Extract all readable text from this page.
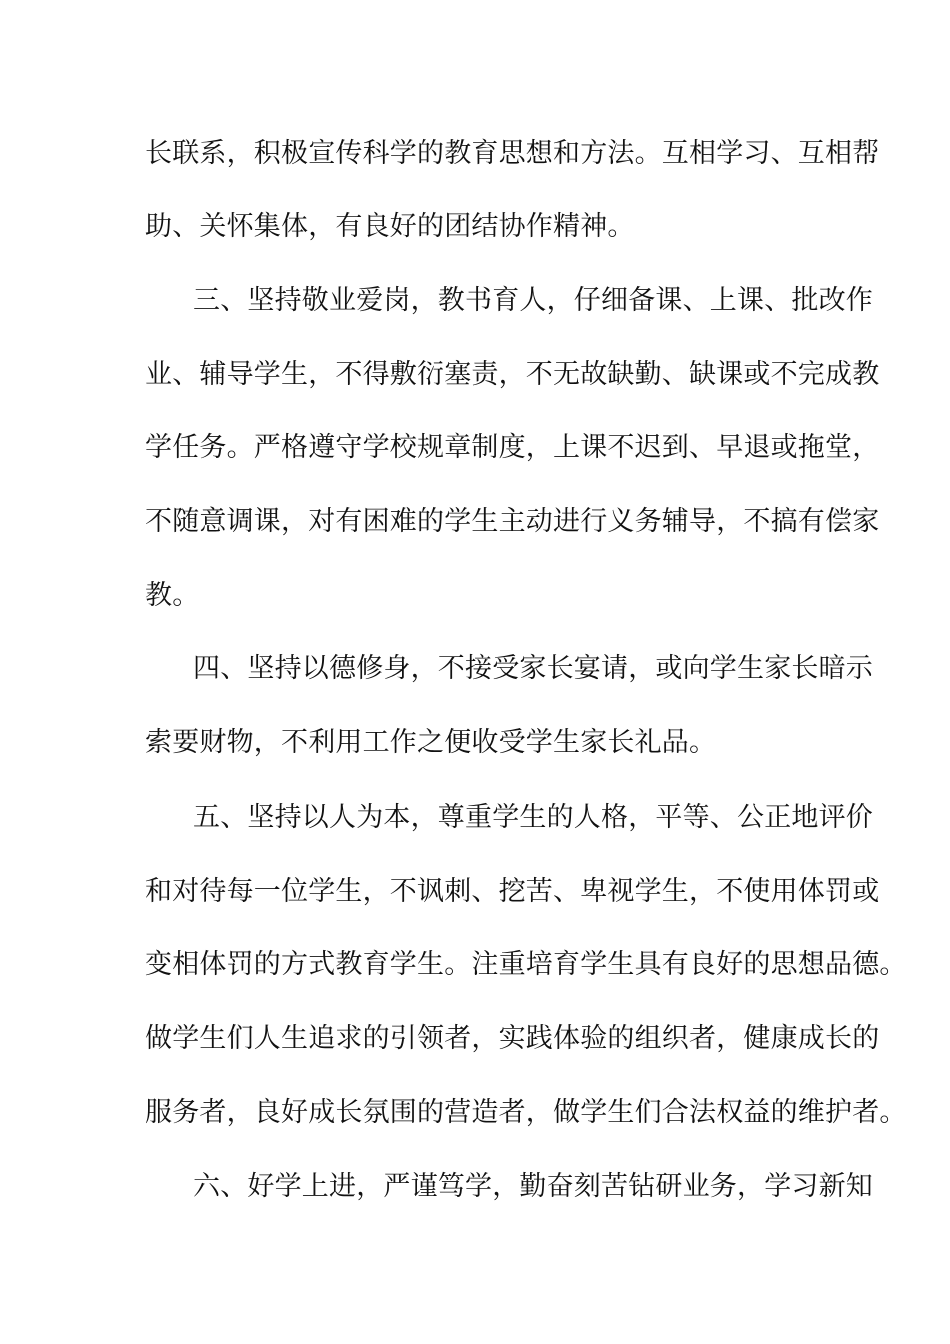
长联系，积极宣传科学的教育思想和方法。互相学习、互相帮
助、关怀集体，有良好的团结协作精神。
三、坚持敬业爱岗，教书育人，仔细备课、上课、批改作
业、辅导学生，不得敷衍塞责，不无故缺勤、缺课或不完成教
学任务。严格遵守学校规章制度，上课不迟到、早退或拖堂，
不随意调课，对有困难的学生主动进行义务辅导，不搞有偿家
教。
四、坚持以德修身，不接受家长宴请，或向学生家长暗示
索要财物，不利用工作之便收受学生家长礼品。
五、坚持以人为本，尊重学生的人格，平等、公正地评价
和对待每一位学生，不讽刺、挖苦、卑视学生，不使用体罚或
变相体罚的方式教育学生。注重培育学生具有良好的思想品德。
做学生们人生追求的引领者，实践体验的组织者，健康成长的
服务者，良好成长氛围的营造者，做学生们合法权益的维护者。
六、好学上进，严谨笃学，勤奋刻苦钻研业务，学习新知
